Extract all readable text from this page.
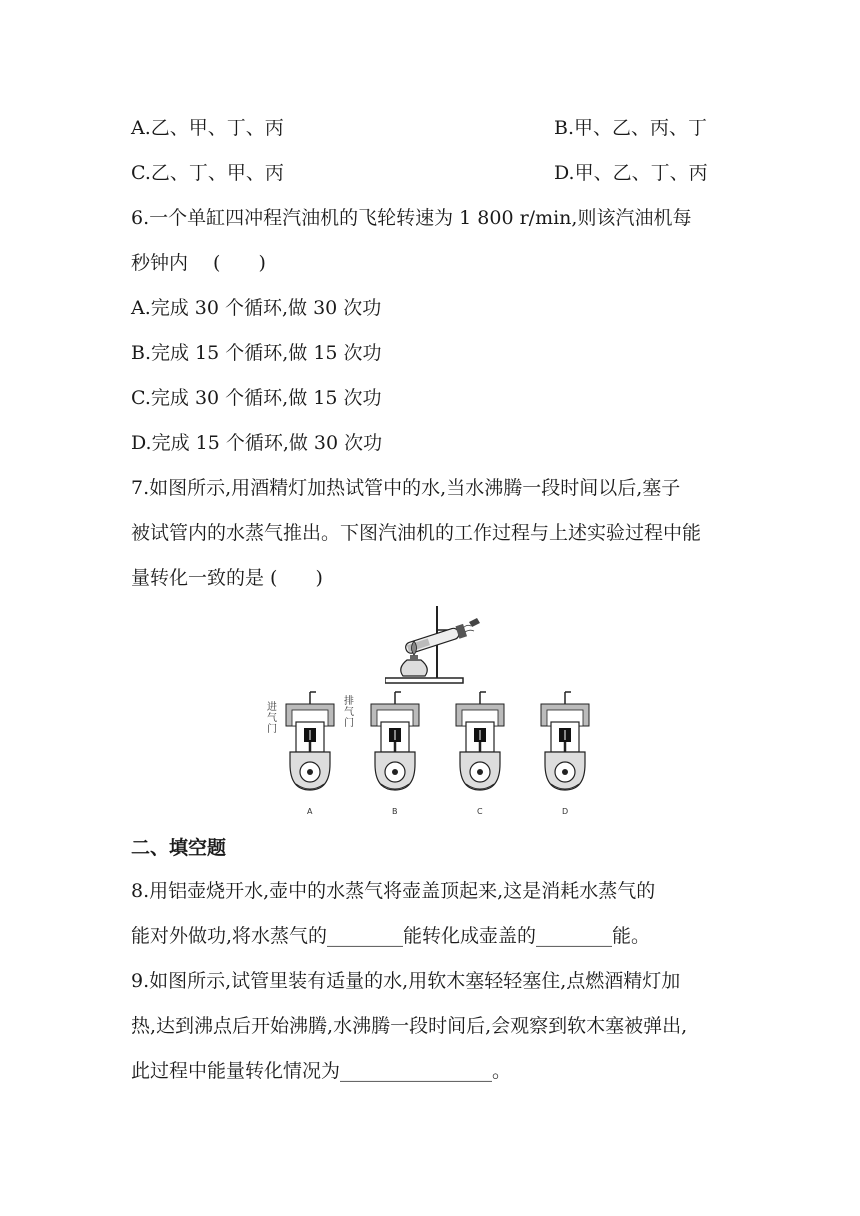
A.乙、甲、丁、丙	B.甲、乙、丙、丁
C.乙、丁、甲、丙	D.甲、乙、丁、丙
6.一个单缸四冲程汽油机的飞轮转速为 1 800 r/min,则该汽油机每
秒钟内　 (　　)
A.完成 30 个循环,做 30 次功
B.完成 15 个循环,做 15 次功
C.完成 30 个循环,做 15 次功
D.完成 15 个循环,做 30 次功
7.如图所示,用酒精灯加热试管中的水,当水沸腾一段时间以后,塞子
被试管内的水蒸气推出。下图汽油机的工作过程与上述实验过程中能
量转化一致的是 (　　)
进气门
排气门
A	B	C	D
二、填空题
8.用铝壶烧开水,壶中的水蒸气将壶盖顶起来,这是消耗水蒸气的
能对外做功,将水蒸气的________能转化成壶盖的________能。
9.如图所示,试管里装有适量的水,用软木塞轻轻塞住,点燃酒精灯加
热,达到沸点后开始沸腾,水沸腾一段时间后,会观察到软木塞被弹出,
此过程中能量转化情况为________________。
